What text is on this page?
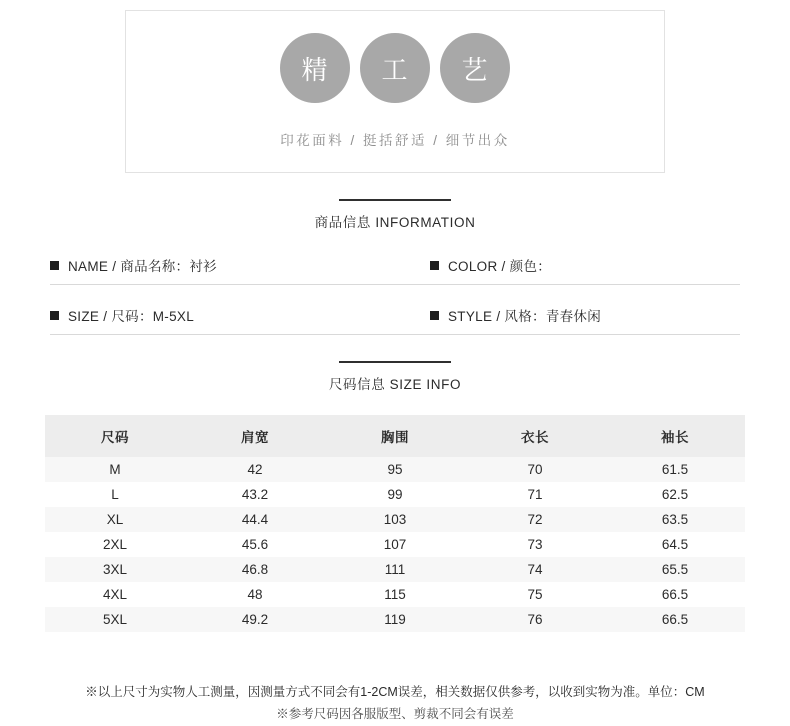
精	工	艺
印花面料 / 挺括舒适 / 细节出众
商品信息 INFORMATION
NAME / 商品名称：衬衫	COLOR / 颜色：
SIZE / 尺码：M-5XL	STYLE / 风格：青春休闲
尺码信息 SIZE INFO
尺码	肩宽	胸围	衣长	袖长
M	42	95	70	61.5
L	43.2	99	71	62.5
XL	44.4	103	72	63.5
2XL	45.6	107	73	64.5
3XL	46.8	111	74	65.5
4XL	48	115	75	66.5
5XL	49.2	119	76	66.5
※以上尺寸为实物人工测量，因测量方式不同会有1-2CM误差，相关数据仅供参考，以收到实物为准。单位：CM
※参考尺码因各服版型、剪裁不同会有误差
